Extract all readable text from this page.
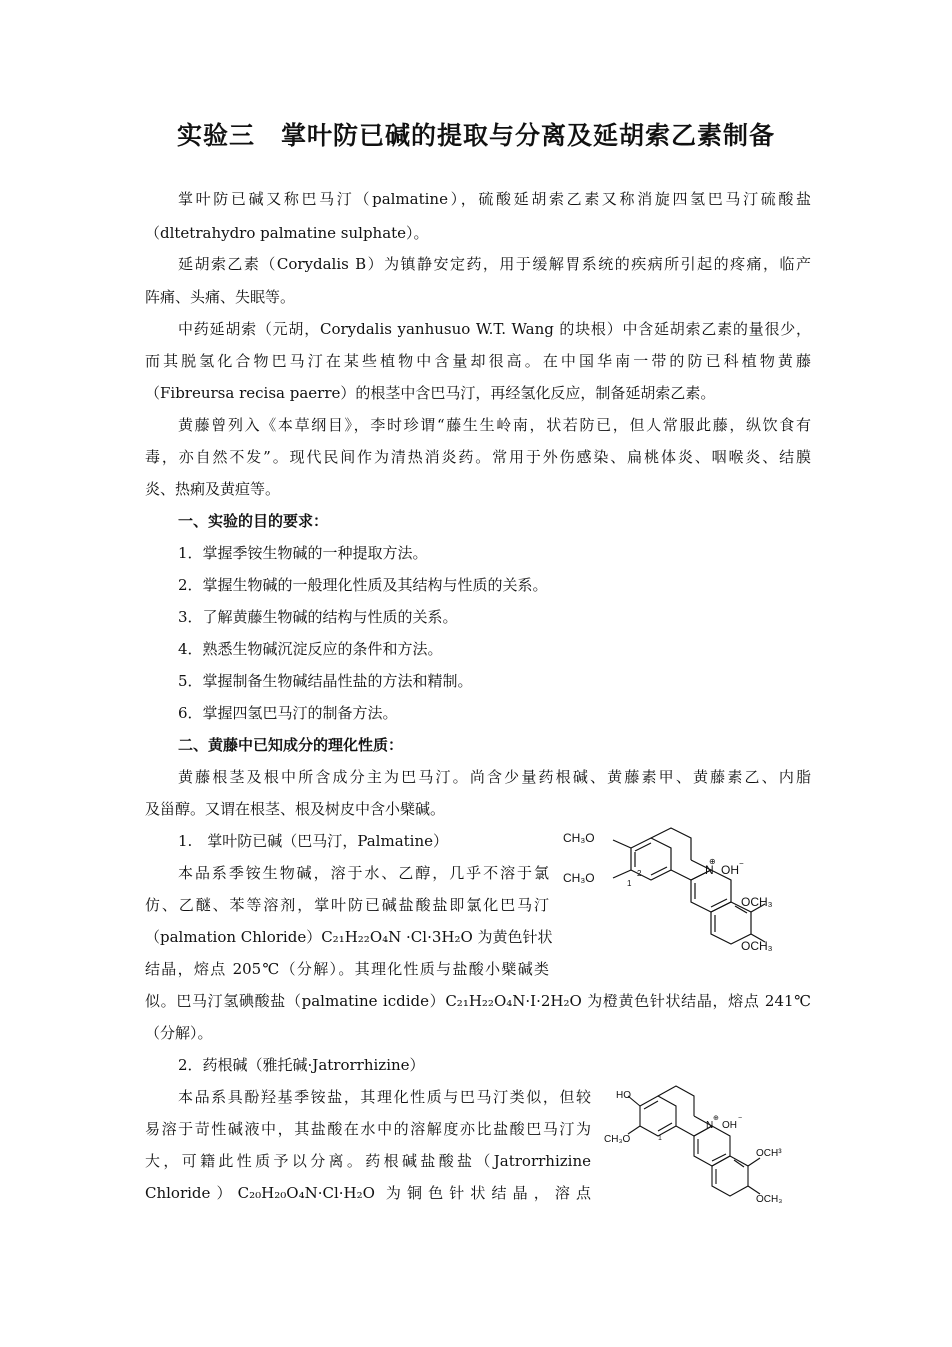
实验三　掌叶防已碱的提取与分离及延胡索乙素制备
掌叶防已碱又称巴马汀（palmatine），硫酸延胡索乙素又称消旋四氢巴马汀硫酸盐
（dltetrahydro palmatine sulphate）。
延胡索乙素（Corydalis B）为镇静安定药，用于缓解胃系统的疾病所引起的疼痛，临产
阵痛、头痛、失眠等。
中药延胡索（元胡，Corydalis yanhusuo W.T. Wang 的块根）中含延胡索乙素的量很少，
而其脱氢化合物巴马汀在某些植物中含量却很高。在中国华南一带的防已科植物黄藤
（Fibreursa recisa paerre）的根茎中含巴马汀，再经氢化反应，制备延胡索乙素。
黄藤曾列入《本草纲目》，李时珍谓“藤生生岭南，状若防已，但人常服此藤，纵饮食有
毒，亦自然不发”。现代民间作为清热消炎药。常用于外伤感染、扁桃体炎、咽喉炎、结膜
炎、热痢及黄疸等。
一、实验的目的要求：
1．掌握季铵生物碱的一种提取方法。
2．掌握生物碱的一般理化性质及其结构与性质的关系。
3．了解黄藤生物碱的结构与性质的关系。
4．熟悉生物碱沉淀反应的条件和方法。
5．掌握制备生物碱结晶性盐的方法和精制。
6．掌握四氢巴马汀的制备方法。
二、黄藤中已知成分的理化性质：
黄藤根茎及根中所含成分主为巴马汀。尚含少量药根碱、黄藤素甲、黄藤素乙、内脂
及甾醇。又谓在根茎、根及树皮中含小檗碱。
1.　掌叶防已碱（巴马汀，Palmatine）
本品系季铵生物碱，溶于水、乙醇，几乎不溶于氯
仿、乙醚、苯等溶剂，掌叶防已碱盐酸盐即氯化巴马汀
（palmation Chloride）C₂₁H₂₂O₄N ·Cl·3H₂O 为黄色针状
结晶，熔点 205℃（分解）。其理化性质与盐酸小檗碱类
似。巴马汀氢碘酸盐（palmatine icdide）C₂₁H₂₂O₄N·I·2H₂O 为橙黄色针状结晶，熔点 241℃
（分解）。
2．药根碱（雅托碱·Jatrorrhizine）
本品系具酚羟基季铵盐，其理化性质与巴马汀类似，但较
易溶于苛性碱液中，其盐酸在水中的溶解度亦比盐酸巴马汀为
大，可籍此性质予以分离。药根碱盐酸盐（Jatrorrhizine
Chloride）C₂₀H₂₀O₄N·Cl·H₂O 为铜色针状结晶，溶点
CH₃O
CH₃O
N
⊕
OH −
OCH₃
OCH₃
2
1
HO
CH₃O
N
⊕
OH
−
OCH³
OCH₃
1
